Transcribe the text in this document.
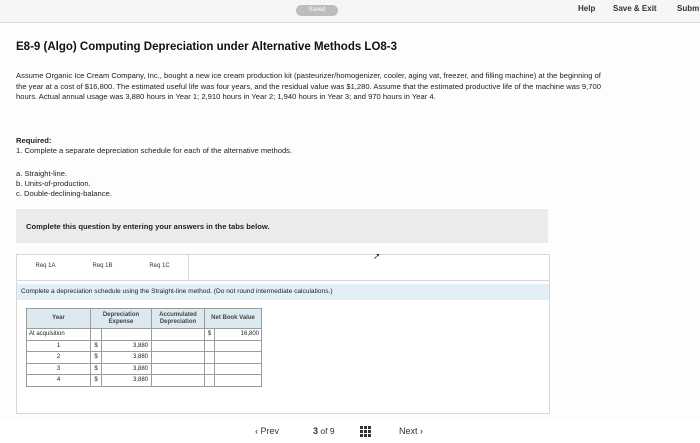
Saved	Help Save & Exit	Subm
E8-9 (Algo) Computing Depreciation under Alternative Methods LO8-3
Assume Organic Ice Cream Company, Inc., bought a new ice cream production kit (pasteurizer/homogenizer, cooler, aging vat, freezer, and filling machine) at the beginning of the year at a cost of $16,800. The estimated useful life was four years, and the residual value was $1,280. Assume that the estimated productive life of the machine was 9,700 hours. Actual annual usage was 3,880 hours in Year 1; 2,910 hours in Year 2; 1,940 hours in Year 3; and 970 hours in Year 4.
Required:
1. Complete a separate depreciation schedule for each of the alternative methods.
a. Straight-line.
b. Units-of-production.
c. Double-declining-balance.
Complete this question by entering your answers in the tabs below.
Req 1A	Req 1B	Req 1C
➚
Complete a depreciation schedule using the Straight-line method. (Do not round intermediate calculations.)
Year	Depreciation Expense		Accumulated Depreciation	Net Book Value	
At acquisition				$	16,800
1	$	3,880			
2	$	3,880			
3	$	3,880			
4	$	3,880			
‹ Prev	3 of 9	Next ›
